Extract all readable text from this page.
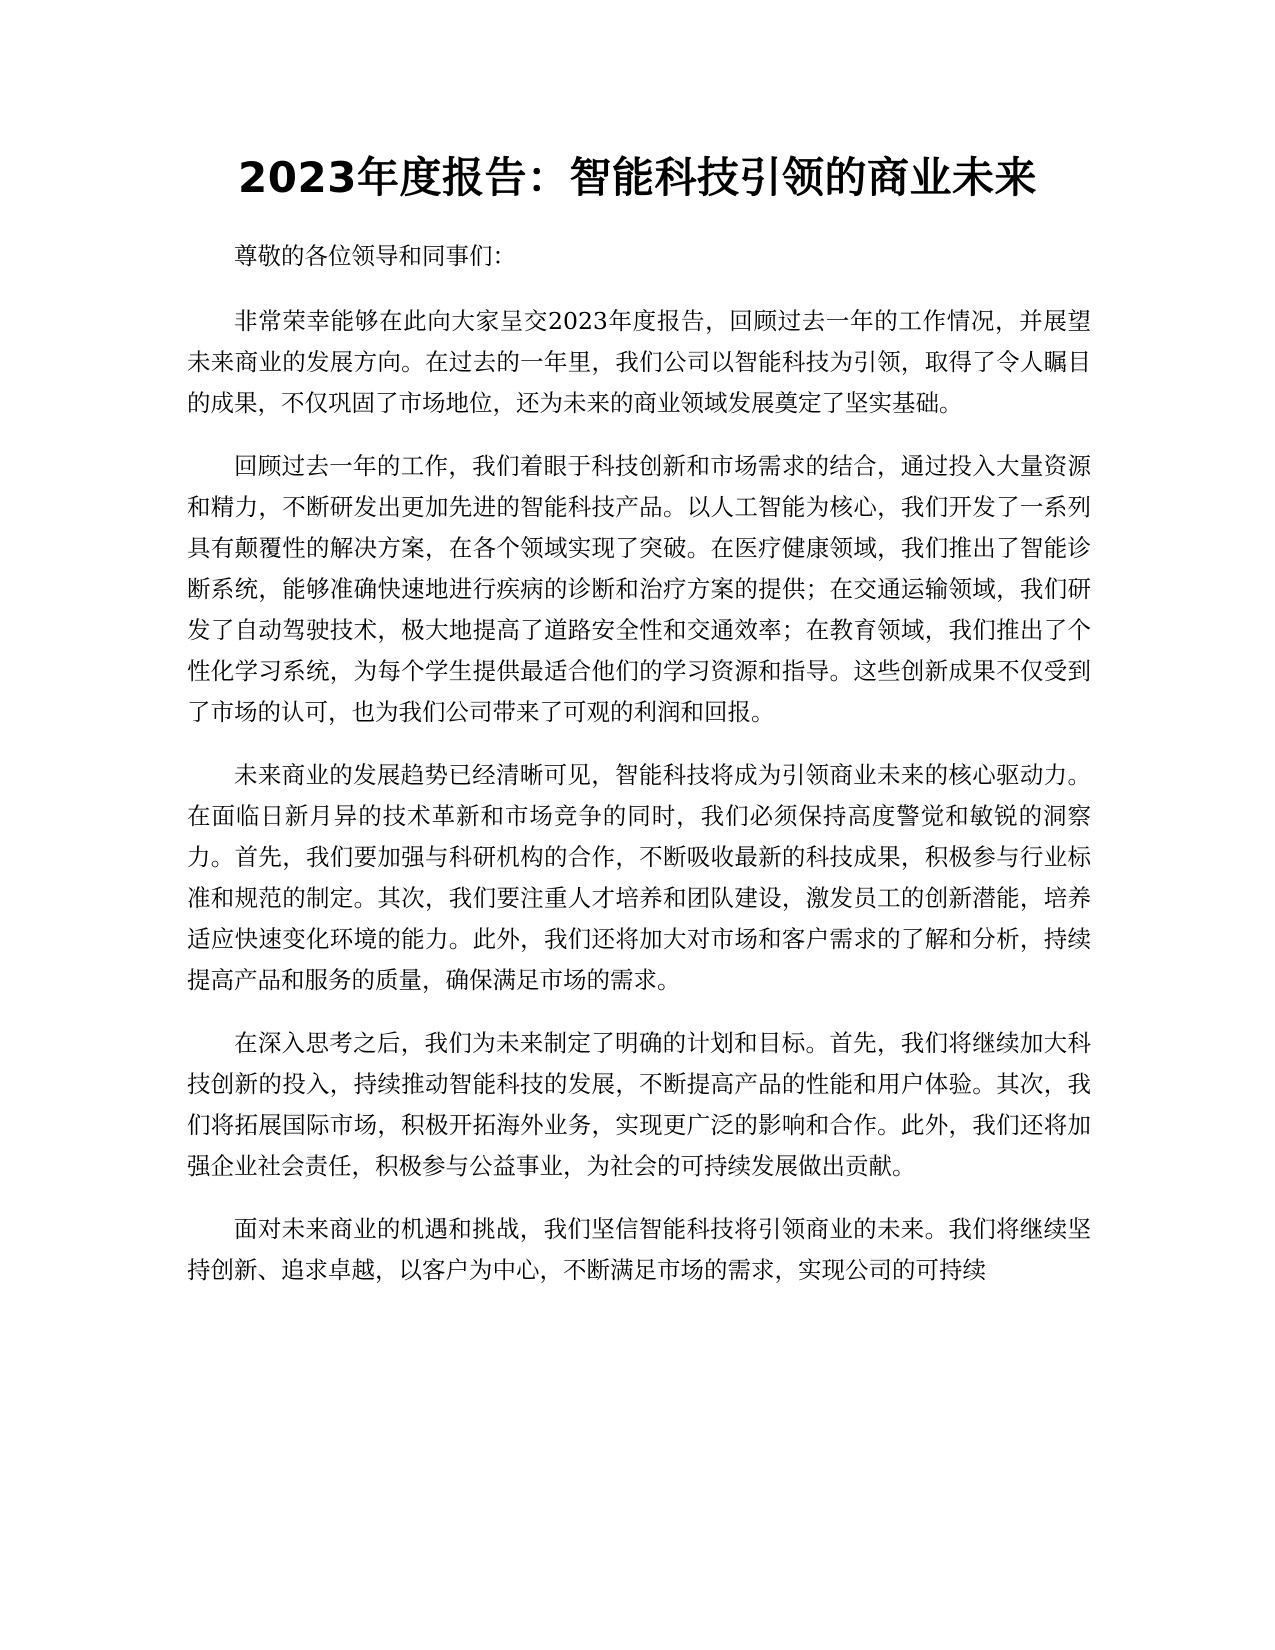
2023年度报告：智能科技引领的商业未来

尊敬的各位领导和同事们：

非常荣幸能够在此向大家呈交2023年度报告，回顾过去一年的工作情况，并展望未来商业的发展方向。在过去的一年里，我们公司以智能科技为引领，取得了令人瞩目的成果，不仅巩固了市场地位，还为未来的商业领域发展奠定了坚实基础。

回顾过去一年的工作，我们着眼于科技创新和市场需求的结合，通过投入大量资源和精力，不断研发出更加先进的智能科技产品。以人工智能为核心，我们开发了一系列具有颠覆性的解决方案，在各个领域实现了突破。在医疗健康领域，我们推出了智能诊断系统，能够准确快速地进行疾病的诊断和治疗方案的提供；在交通运输领域，我们研发了自动驾驶技术，极大地提高了道路安全性和交通效率；在教育领域，我们推出了个性化学习系统，为每个学生提供最适合他们的学习资源和指导。这些创新成果不仅受到了市场的认可，也为我们公司带来了可观的利润和回报。

未来商业的发展趋势已经清晰可见，智能科技将成为引领商业未来的核心驱动力。在面临日新月异的技术革新和市场竞争的同时，我们必须保持高度警觉和敏锐的洞察力。首先，我们要加强与科研机构的合作，不断吸收最新的科技成果，积极参与行业标准和规范的制定。其次，我们要注重人才培养和团队建设，激发员工的创新潜能，培养适应快速变化环境的能力。此外，我们还将加大对市场和客户需求的了解和分析，持续提高产品和服务的质量，确保满足市场的需求。

在深入思考之后，我们为未来制定了明确的计划和目标。首先，我们将继续加大科技创新的投入，持续推动智能科技的发展，不断提高产品的性能和用户体验。其次，我们将拓展国际市场，积极开拓海外业务，实现更广泛的影响和合作。此外，我们还将加强企业社会责任，积极参与公益事业，为社会的可持续发展做出贡献。

面对未来商业的机遇和挑战，我们坚信智能科技将引领商业的未来。我们将继续坚持创新、追求卓越，以客户为中心，不断满足市场的需求，实现公司的可持续
